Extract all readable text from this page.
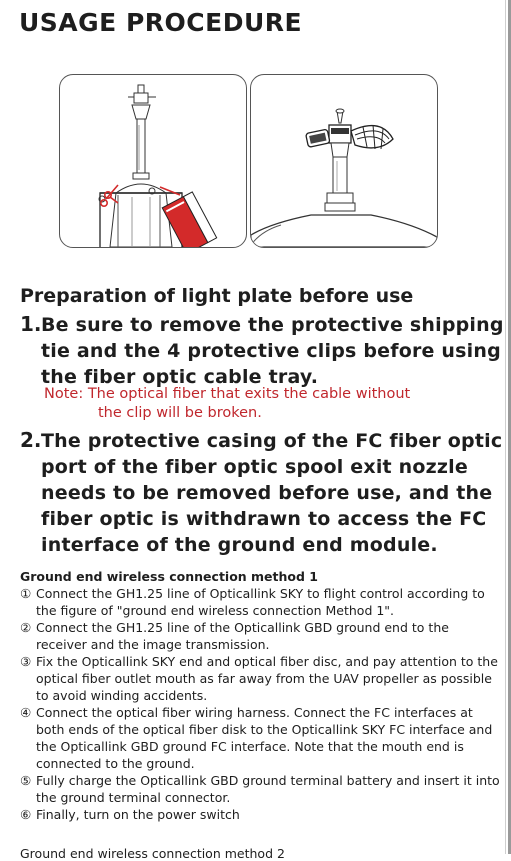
USAGE PROCEDURE
Preparation of light plate before use
1. Be sure to remove the protective shipping tie and the 4 protective clips before using the fiber optic cable tray.
Note: The optical fiber that exits the cable without
the clip will be broken.
2. The protective casing of the FC fiber optic port of the fiber optic spool exit nozzle needs to be removed before use, and the fiber optic is withdrawn to access the FC interface of the ground end module.
Ground end wireless connection method 1
① Connect the GH1.25 line of Opticallink SKY to flight control according to the figure of "ground end wireless connection Method 1".
② Connect the GH1.25 line of the Opticallink GBD ground end to the receiver and the image transmission.
③ Fix the Opticallink SKY end and optical fiber disc, and pay attention to the optical fiber outlet mouth as far away from the UAV propeller as possible to avoid winding accidents.
④ Connect the optical fiber wiring harness. Connect the FC interfaces at both ends of the optical fiber disk to the Opticallink SKY FC interface and the Opticallink GBD ground FC interface. Note that the mouth end is connected to the ground.
⑤ Fully charge the Opticallink GBD ground terminal battery and insert it into the ground terminal connector.
⑥ Finally, turn on the power switch
Ground end wireless connection method 2
